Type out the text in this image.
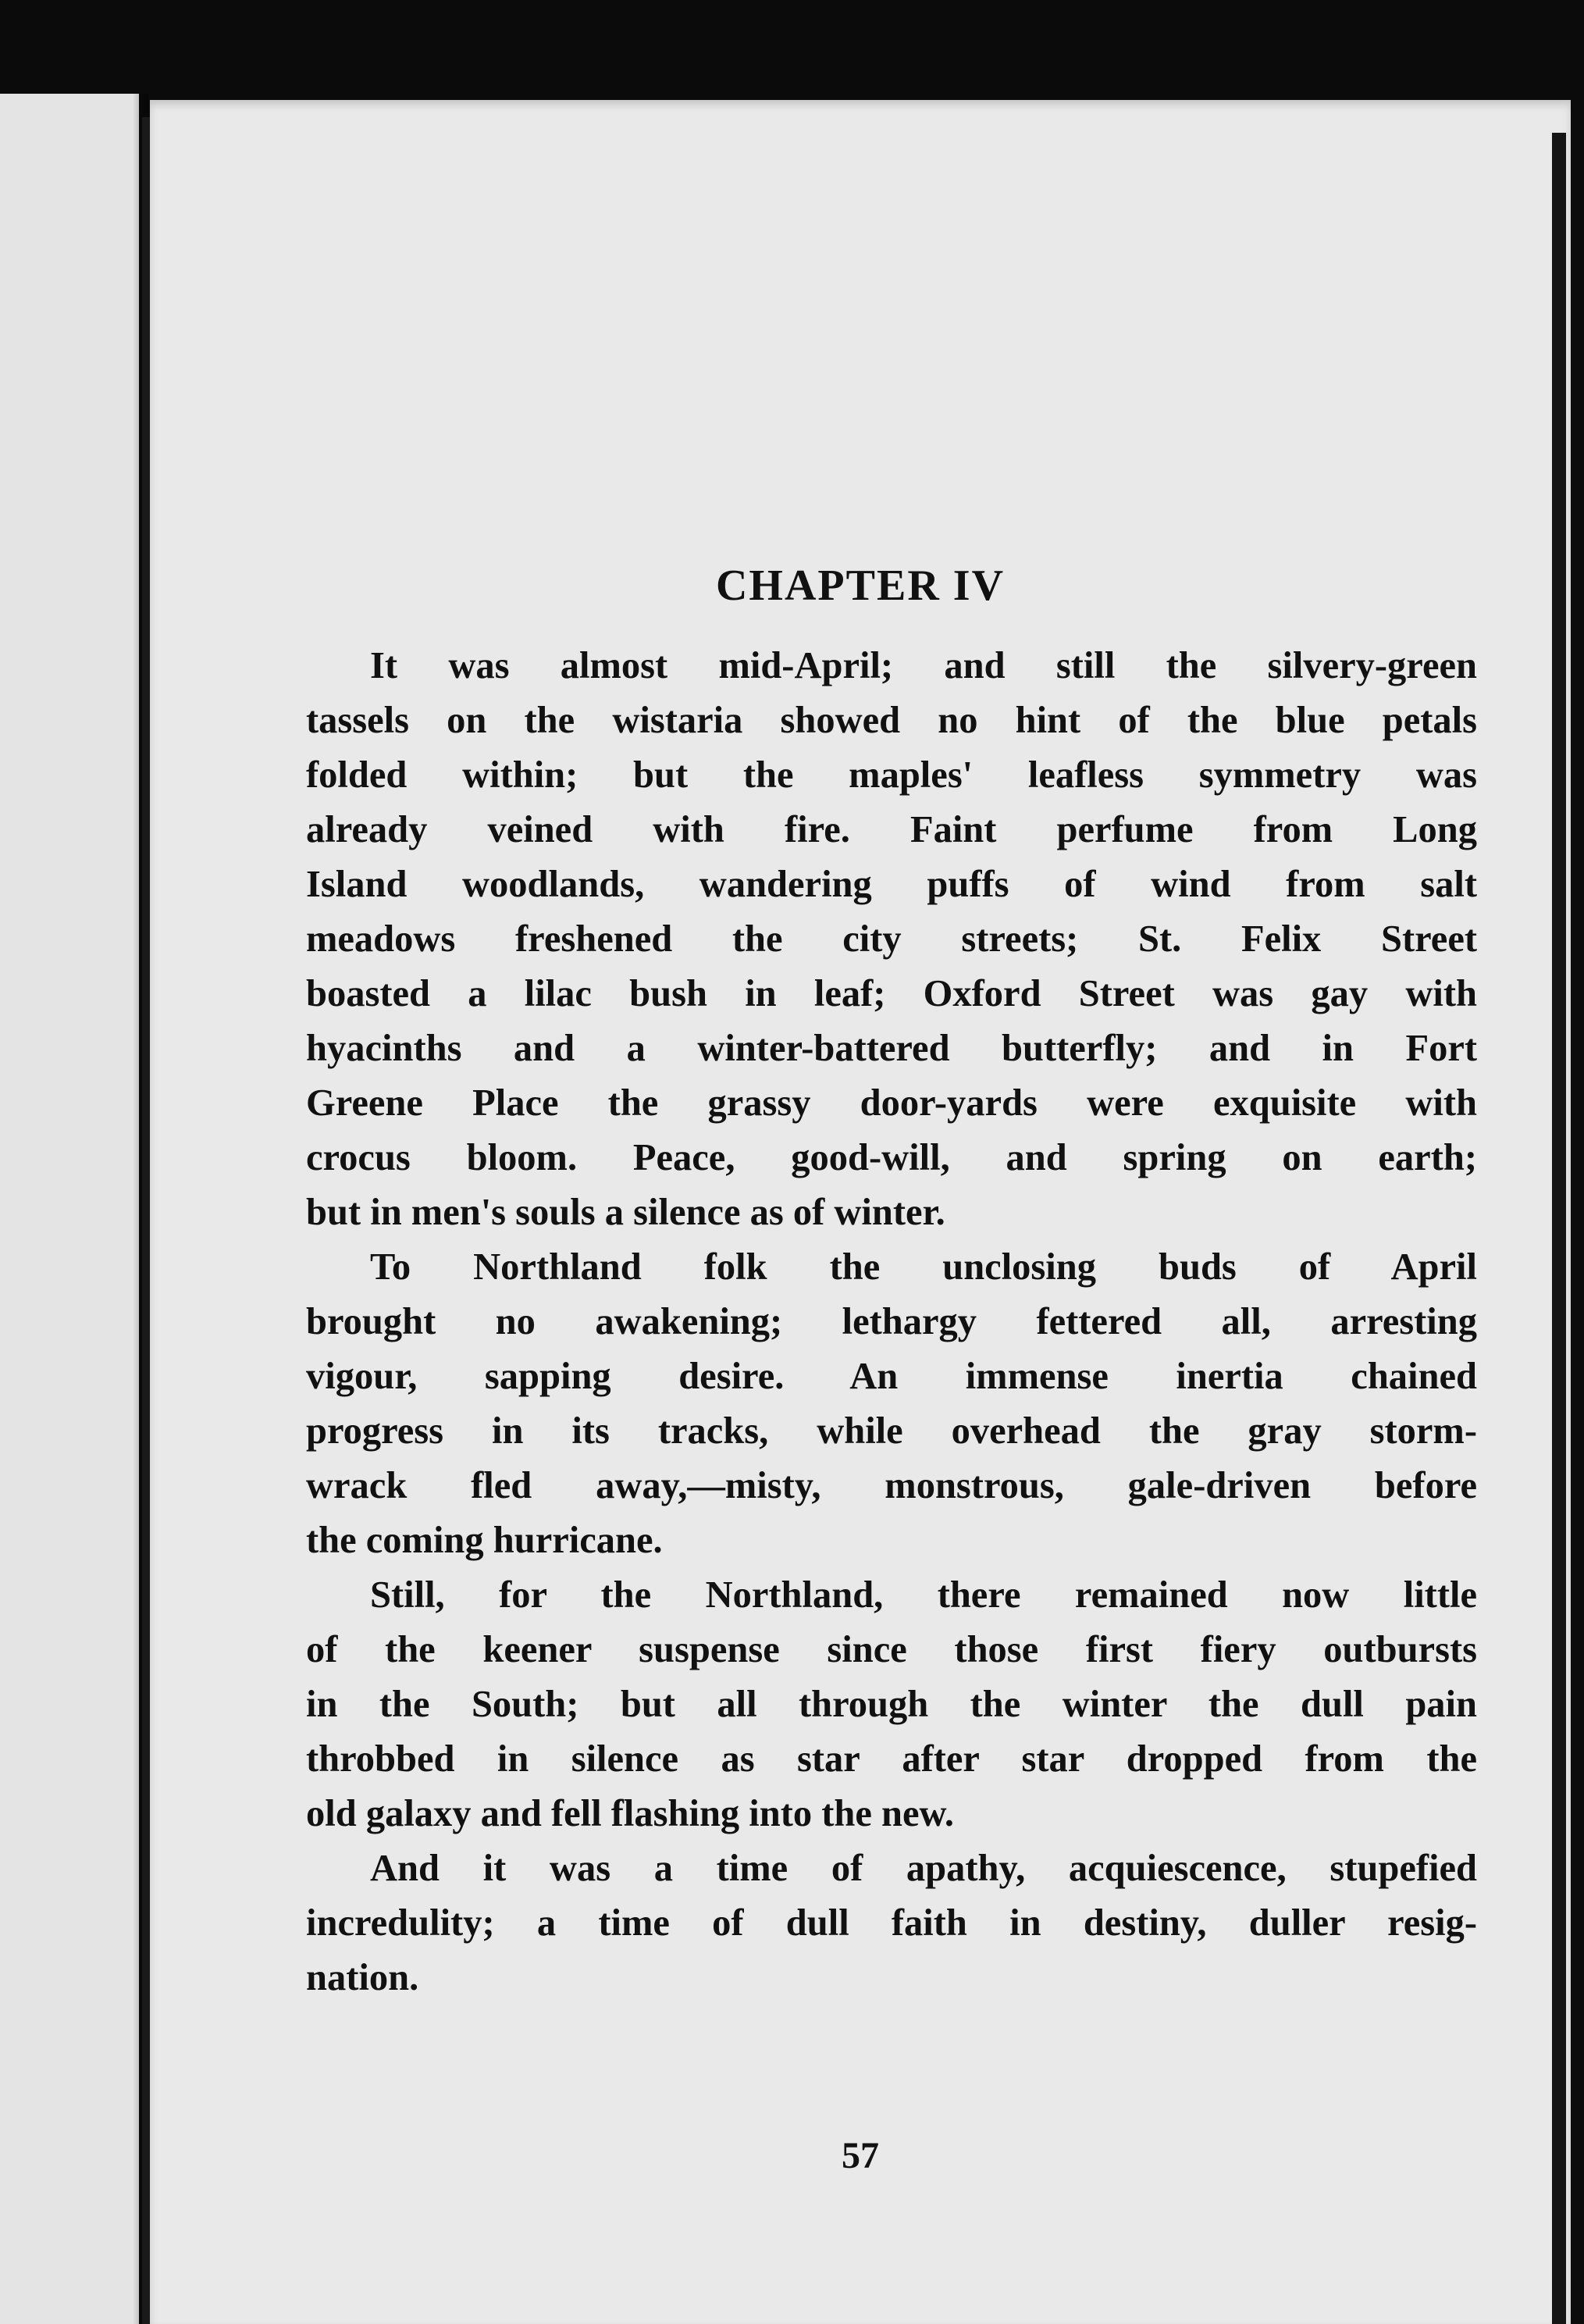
CHAPTER IV

It was almost mid-April; and still the silvery-green
tassels on the wistaria showed no hint of the blue petals
folded within; but the maples' leafless symmetry was
already veined with fire. Faint perfume from Long
Island woodlands, wandering puffs of wind from salt
meadows freshened the city streets; St. Felix Street
boasted a lilac bush in leaf; Oxford Street was gay with
hyacinths and a winter-battered butterfly; and in Fort
Greene Place the grassy door-yards were exquisite with
crocus bloom. Peace, good-will, and spring on earth;
but in men's souls a silence as of winter.

To Northland folk the unclosing buds of April
brought no awakening; lethargy fettered all, arresting
vigour, sapping desire. An immense inertia chained
progress in its tracks, while overhead the gray storm-
wrack fled away,—misty, monstrous, gale-driven before
the coming hurricane.

Still, for the Northland, there remained now little
of the keener suspense since those first fiery outbursts
in the South; but all through the winter the dull pain
throbbed in silence as star after star dropped from the
old galaxy and fell flashing into the new.

And it was a time of apathy, acquiescence, stupefied
incredulity; a time of dull faith in destiny, duller resig-
nation.

57
